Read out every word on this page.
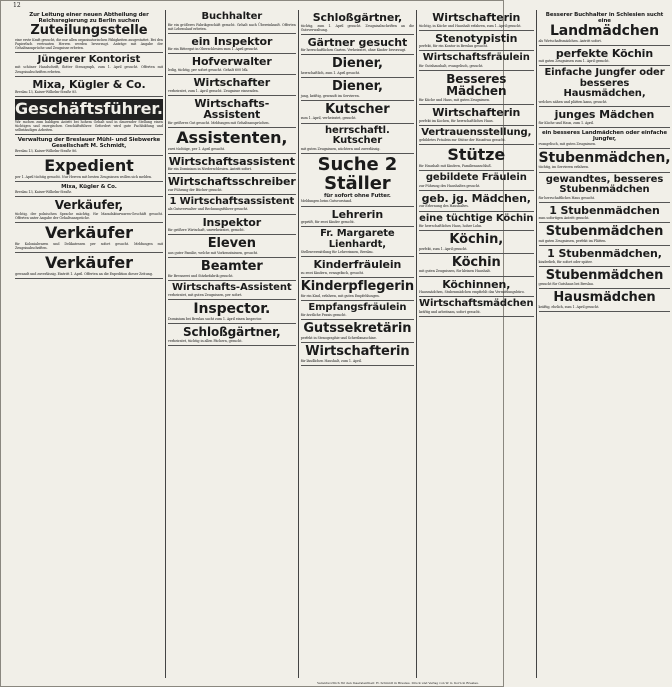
12

Zur Leitung einer neuen Abtheilung der Reichsregierung zu Berlin suchen

Zuteilungsstelle

eine erste Kraft gesucht, die nur allen organisatorischen Fähigkeiten ausgestattet. Bei den Papierfach vertrauten Herren werden bevorzugt. Anträge mit Angabe der Gehaltsansprüche und Zeugnisse erbeten.

Jüngerer Kontorist

mit schöner Handschrift, flotter Stenograph, zum 1. April gesucht. Offerten mit Zeugnisabschriften erbeten.

Mixa, Kügler & Co.

Breslau 13, Kaiser-Wilhelm-Straße 85.

Geschäftsführer.

Wir suchen zum baldigen Antritt bei hohem Gehalt und in dauernder Stellung einen tüchtigen und energischen Geschäftsführer. Gefordert wird gute Fachbildung und selbständiges Arbeiten.

Verwaltung der Breslauer Mühl- und Siebwerke Gesellschaft M. Schmidt,

Breslau 13, Kaiser-Wilhelm-Straße 86.

Expedient

per 1. April tüchtig gesucht. Nur Herren mit besten Zeugnissen wollen sich melden.

Mixa, Kügler & Co.

Breslau 13, Kaiser-Wilhelm-Straße.

Verkäufer,

tüchtig, der polnischen Sprache mächtig, für Manufakturwaren-Geschäft gesucht. Offerten unter Angabe der Gehaltsansprüche.

Verkäufer

für Kolonialwaren und Delikatessen per sofort gesucht. Meldungen mit Zeugnisabschriften.

Verkäufer

gewandt und zuverlässig. Eintritt 1. April. Offerten an die Expedition dieser Zeitung.

Buchhalter

für ein größeres Fabrikgeschäft gesucht. Gehalt nach Übereinkunft. Offerten mit Lebenslauf erbeten.

ein Inspektor

für ein Rittergut in Oberschlesien zum 1. April gesucht.

Hofverwalter

ledig, tüchtig, per sofort gesucht. Gehalt 600 Mk.

Wirtschafter

verheiratet, zum 1. April gesucht. Zeugnisse einsenden.

Wirtschafts-Assistent

für größeres Gut gesucht. Meldungen mit Gehaltsansprüchen.

Assistenten,

zwei tüchtige, per 1. April gesucht.

Wirtschaftsassistent

für ein Dominium in Niederschlesien. Antritt sofort.

Wirtschaftsschreiber

zur Führung der Bücher gesucht.

1 Wirtschaftsassistent

als Gutsverwalter und Rechnungsführer gesucht.

Inspektor

für größere Wirtschaft, unverheiratet, gesucht.

Eleven

aus guter Familie, welche mit Vorkenntnissen, gesucht.

Beamter

für Brennerei und Stärkefabrik gesucht.

Wirtschafts-Assistent

verheiratet, mit guten Zeugnissen, per sofort.

Inspector.

Dominium bei Breslau sucht zum 1. April einen Inspector.

Schloßgärtner,

verheiratet, tüchtig in allen Fächern, gesucht.

Schloßgärtner,

tüchtig, zum 1. April gesucht. Zeugnisabschriften an die Gutsverwaltung.

Gärtner gesucht

für herrschaftlichen Garten. Verheiratet, ohne Kinder bevorzugt.

Diener,

herrschaftlich, zum 1. April gesucht.

Diener,

jung, kräftig, gewandt im Servieren.

Kutscher

zum 1. April, verheiratet, gesucht.

herrschaftl. Kutscher

mit guten Zeugnissen, nüchtern und zuverlässig.

Suche 2 Ställer

für sofort ohne Futter.

Meldungen beim Gutsvorstand.

Lehrerin

geprüft, für zwei Kinder gesucht.

Fr. Margarete Lienhardt,

Stellenvermittlung für Lehrerinnen, Breslau.

Kinderfräulein

zu zwei Kindern, evangelisch, gesucht.

Kinderpflegerin

für ein Kind, erfahren, mit guten Empfehlungen.

Empfangsfräulein

für ärztliche Praxis gesucht.

Gutssekretärin

perfekt in Stenographie und Schreibmaschine.

Wirtschafterin

für ländlichen Haushalt, zum 1. April.

Wirtschafterin

tüchtig, in Küche und Haushalt erfahren, zum 1. April gesucht.

Stenotypistin

perfekt, für ein Kontor in Breslau gesucht.

Wirtschaftsfräulein

für Gutshaushalt, evangelisch, gesucht.

Besseres Mädchen

für Küche und Haus, mit guten Zeugnissen.

Wirtschafterin

perfekt im Kochen, für herrschaftliches Haus.

Vertrauensstellung,

gebildetes Fräulein zur Stütze der Hausfrau gesucht.

Stütze

für Haushalt mit Kindern, Familienanschluß.

gebildete Fräulein

zur Führung des Haushaltes gesucht.

geb. jg. Mädchen,

zur Erlernung des Haushaltes.

eine tüchtige Köchin

für herrschaftliches Haus, hoher Lohn.

Köchin,

perfekt, zum 1. April gesucht.

Köchin

mit guten Zeugnissen, für kleinen Haushalt.

Köchinnen,

Hausmädchen, Stubenmädchen empfiehlt das Vermittlungsbüro.

Wirtschaftsmädchen

kräftig und arbeitsam, sofort gesucht.

Besserer Buchhalter in Schlesien sucht eine

Landmädchen

als Wirtschaftsmädchen. Antritt sofort.

perfekte Köchin

mit guten Zeugnissen zum 1. April gesucht.

Einfache Jungfer oder

besseres Hausmädchen,

welches nähen und plätten kann, gesucht.

junges Mädchen

für Küche und Haus, zum 1. April.

ein besseres Landmädchen oder einfache Jungfer,

evangelisch, mit guten Zeugnissen.

Stubenmädchen,

tüchtig, im Servieren erfahren.

gewandtes, besseres Stubenmädchen

für herrschaftliches Haus gesucht.

1 Stubenmädchen

zum sofortigen Antritt gesucht.

Stubenmädchen

mit guten Zeugnissen, perfekt im Plätten.

1 Stubenmädchen,

kinderlieb, für sofort oder später.

Stubenmädchen

gesucht für Gutshaus bei Breslau.

Hausmädchen

kräftig, ehrlich, zum 1. April gesucht.

Verantwortlich für den Inseratentheil: H. Schmidt in Breslau. Druck und Verlag von W. G. Korn in Breslau.
